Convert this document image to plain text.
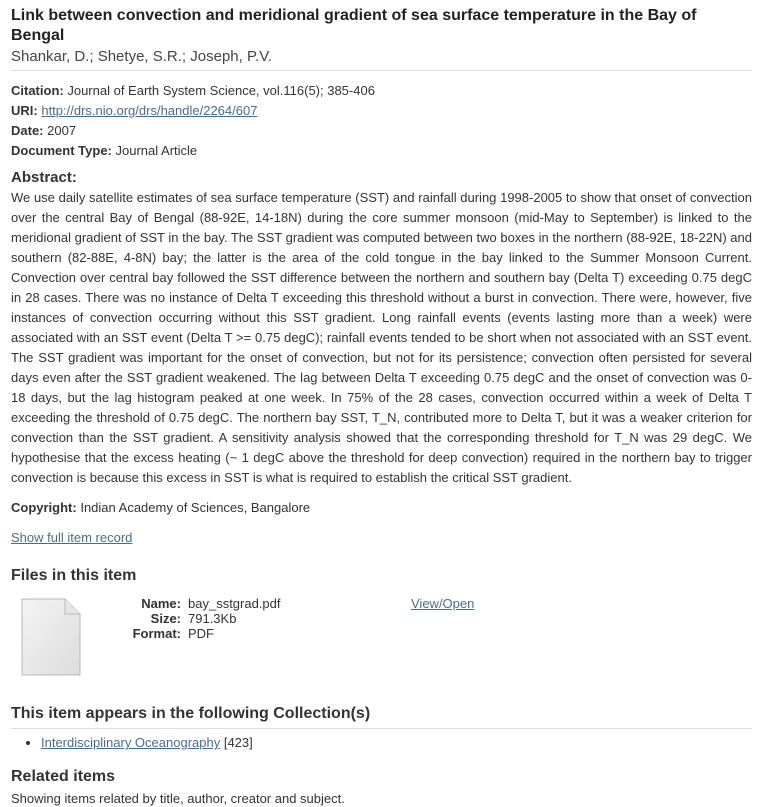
Link between convection and meridional gradient of sea surface temperature in the Bay of Bengal
Shankar, D.; Shetye, S.R.; Joseph, P.V.
Citation: Journal of Earth System Science, vol.116(5); 385-406
URI: http://drs.nio.org/drs/handle/2264/607
Date: 2007
Document Type: Journal Article
Abstract:
We use daily satellite estimates of sea surface temperature (SST) and rainfall during 1998-2005 to show that onset of convection over the central Bay of Bengal (88-92E, 14-18N) during the core summer monsoon (mid-May to September) is linked to the meridional gradient of SST in the bay. The SST gradient was computed between two boxes in the northern (88-92E, 18-22N) and southern (82-88E, 4-8N) bay; the latter is the area of the cold tongue in the bay linked to the Summer Monsoon Current. Convection over central bay followed the SST difference between the northern and southern bay (Delta T) exceeding 0.75 degC in 28 cases. There was no instance of Delta T exceeding this threshold without a burst in convection. There were, however, five instances of convection occurring without this SST gradient. Long rainfall events (events lasting more than a week) were associated with an SST event (Delta T >= 0.75 degC); rainfall events tended to be short when not associated with an SST event. The SST gradient was important for the onset of convection, but not for its persistence; convection often persisted for several days even after the SST gradient weakened. The lag between Delta T exceeding 0.75 degC and the onset of convection was 0-18 days, but the lag histogram peaked at one week. In 75% of the 28 cases, convection occurred within a week of Delta T exceeding the threshold of 0.75 degC. The northern bay SST, T_N, contributed more to Delta T, but it was a weaker criterion for convection than the SST gradient. A sensitivity analysis showed that the corresponding threshold for T_N was 29 degC. We hypothesise that the excess heating (~ 1 degC above the threshold for deep convection) required in the northern bay to trigger convection is because this excess in SST is what is required to establish the critical SST gradient.
Copyright: Indian Academy of Sciences, Bangalore
Show full item record
Files in this item
Name: bay_sstgrad.pdf
Size: 791.3Kb
Format: PDF
View/Open
This item appears in the following Collection(s)
• Interdisciplinary Oceanography [423]
Related items
Showing items related by title, author, creator and subject.
